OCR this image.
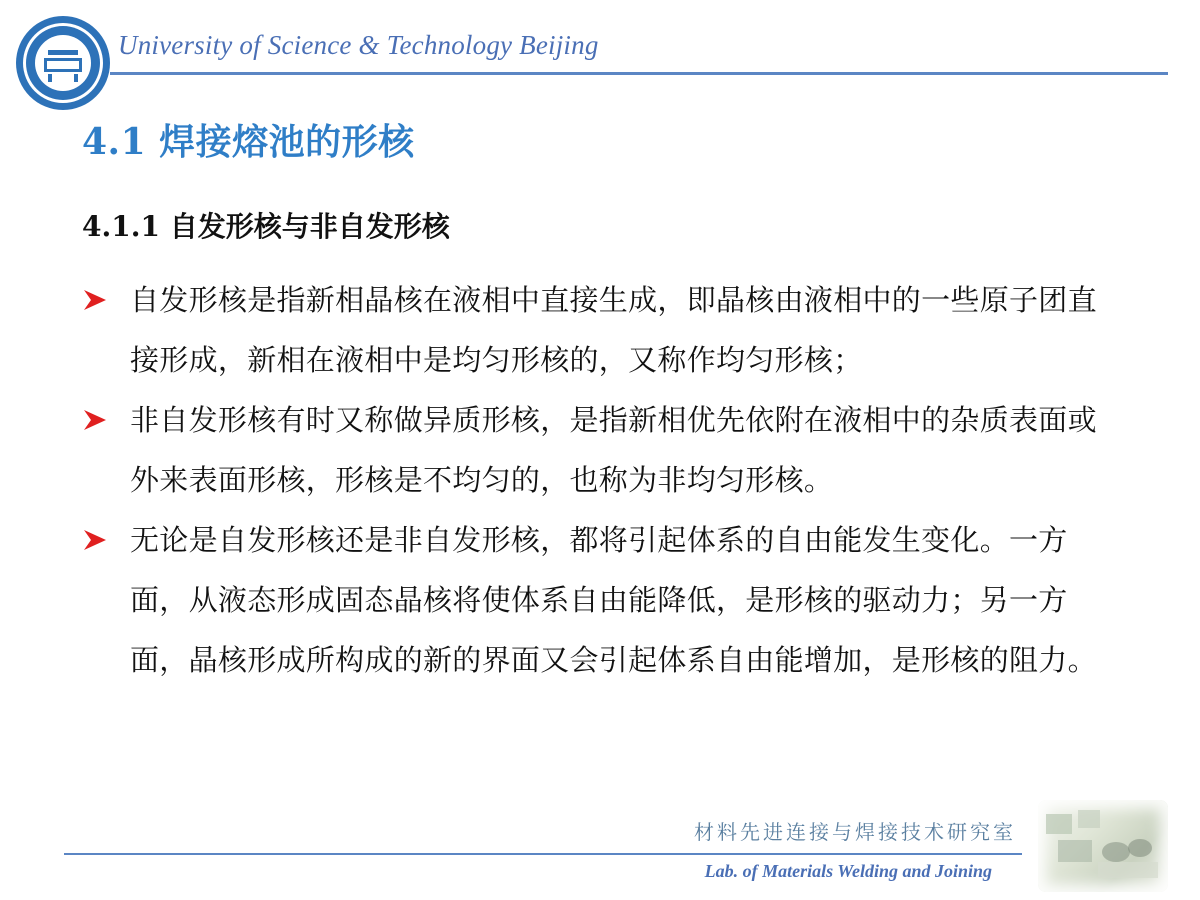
University of Science & Technology Beijing
4.1 焊接熔池的形核
4.1.1 自发形核与非自发形核
自发形核是指新相晶核在液相中直接生成，即晶核由液相中的一些原子团直接形成，新相在液相中是均匀形核的，又称作均匀形核；
非自发形核有时又称做异质形核，是指新相优先依附在液相中的杂质表面或外来表面形核，形核是不均匀的，也称为非均匀形核。
无论是自发形核还是非自发形核，都将引起体系的自由能发生变化。一方面，从液态形成固态晶核将使体系自由能降低，是形核的驱动力；另一方面，晶核形成所构成的新的界面又会引起体系自由能增加，是形核的阻力。
材料先进连接与焊接技术研究室
Lab. of Materials Welding and Joining
